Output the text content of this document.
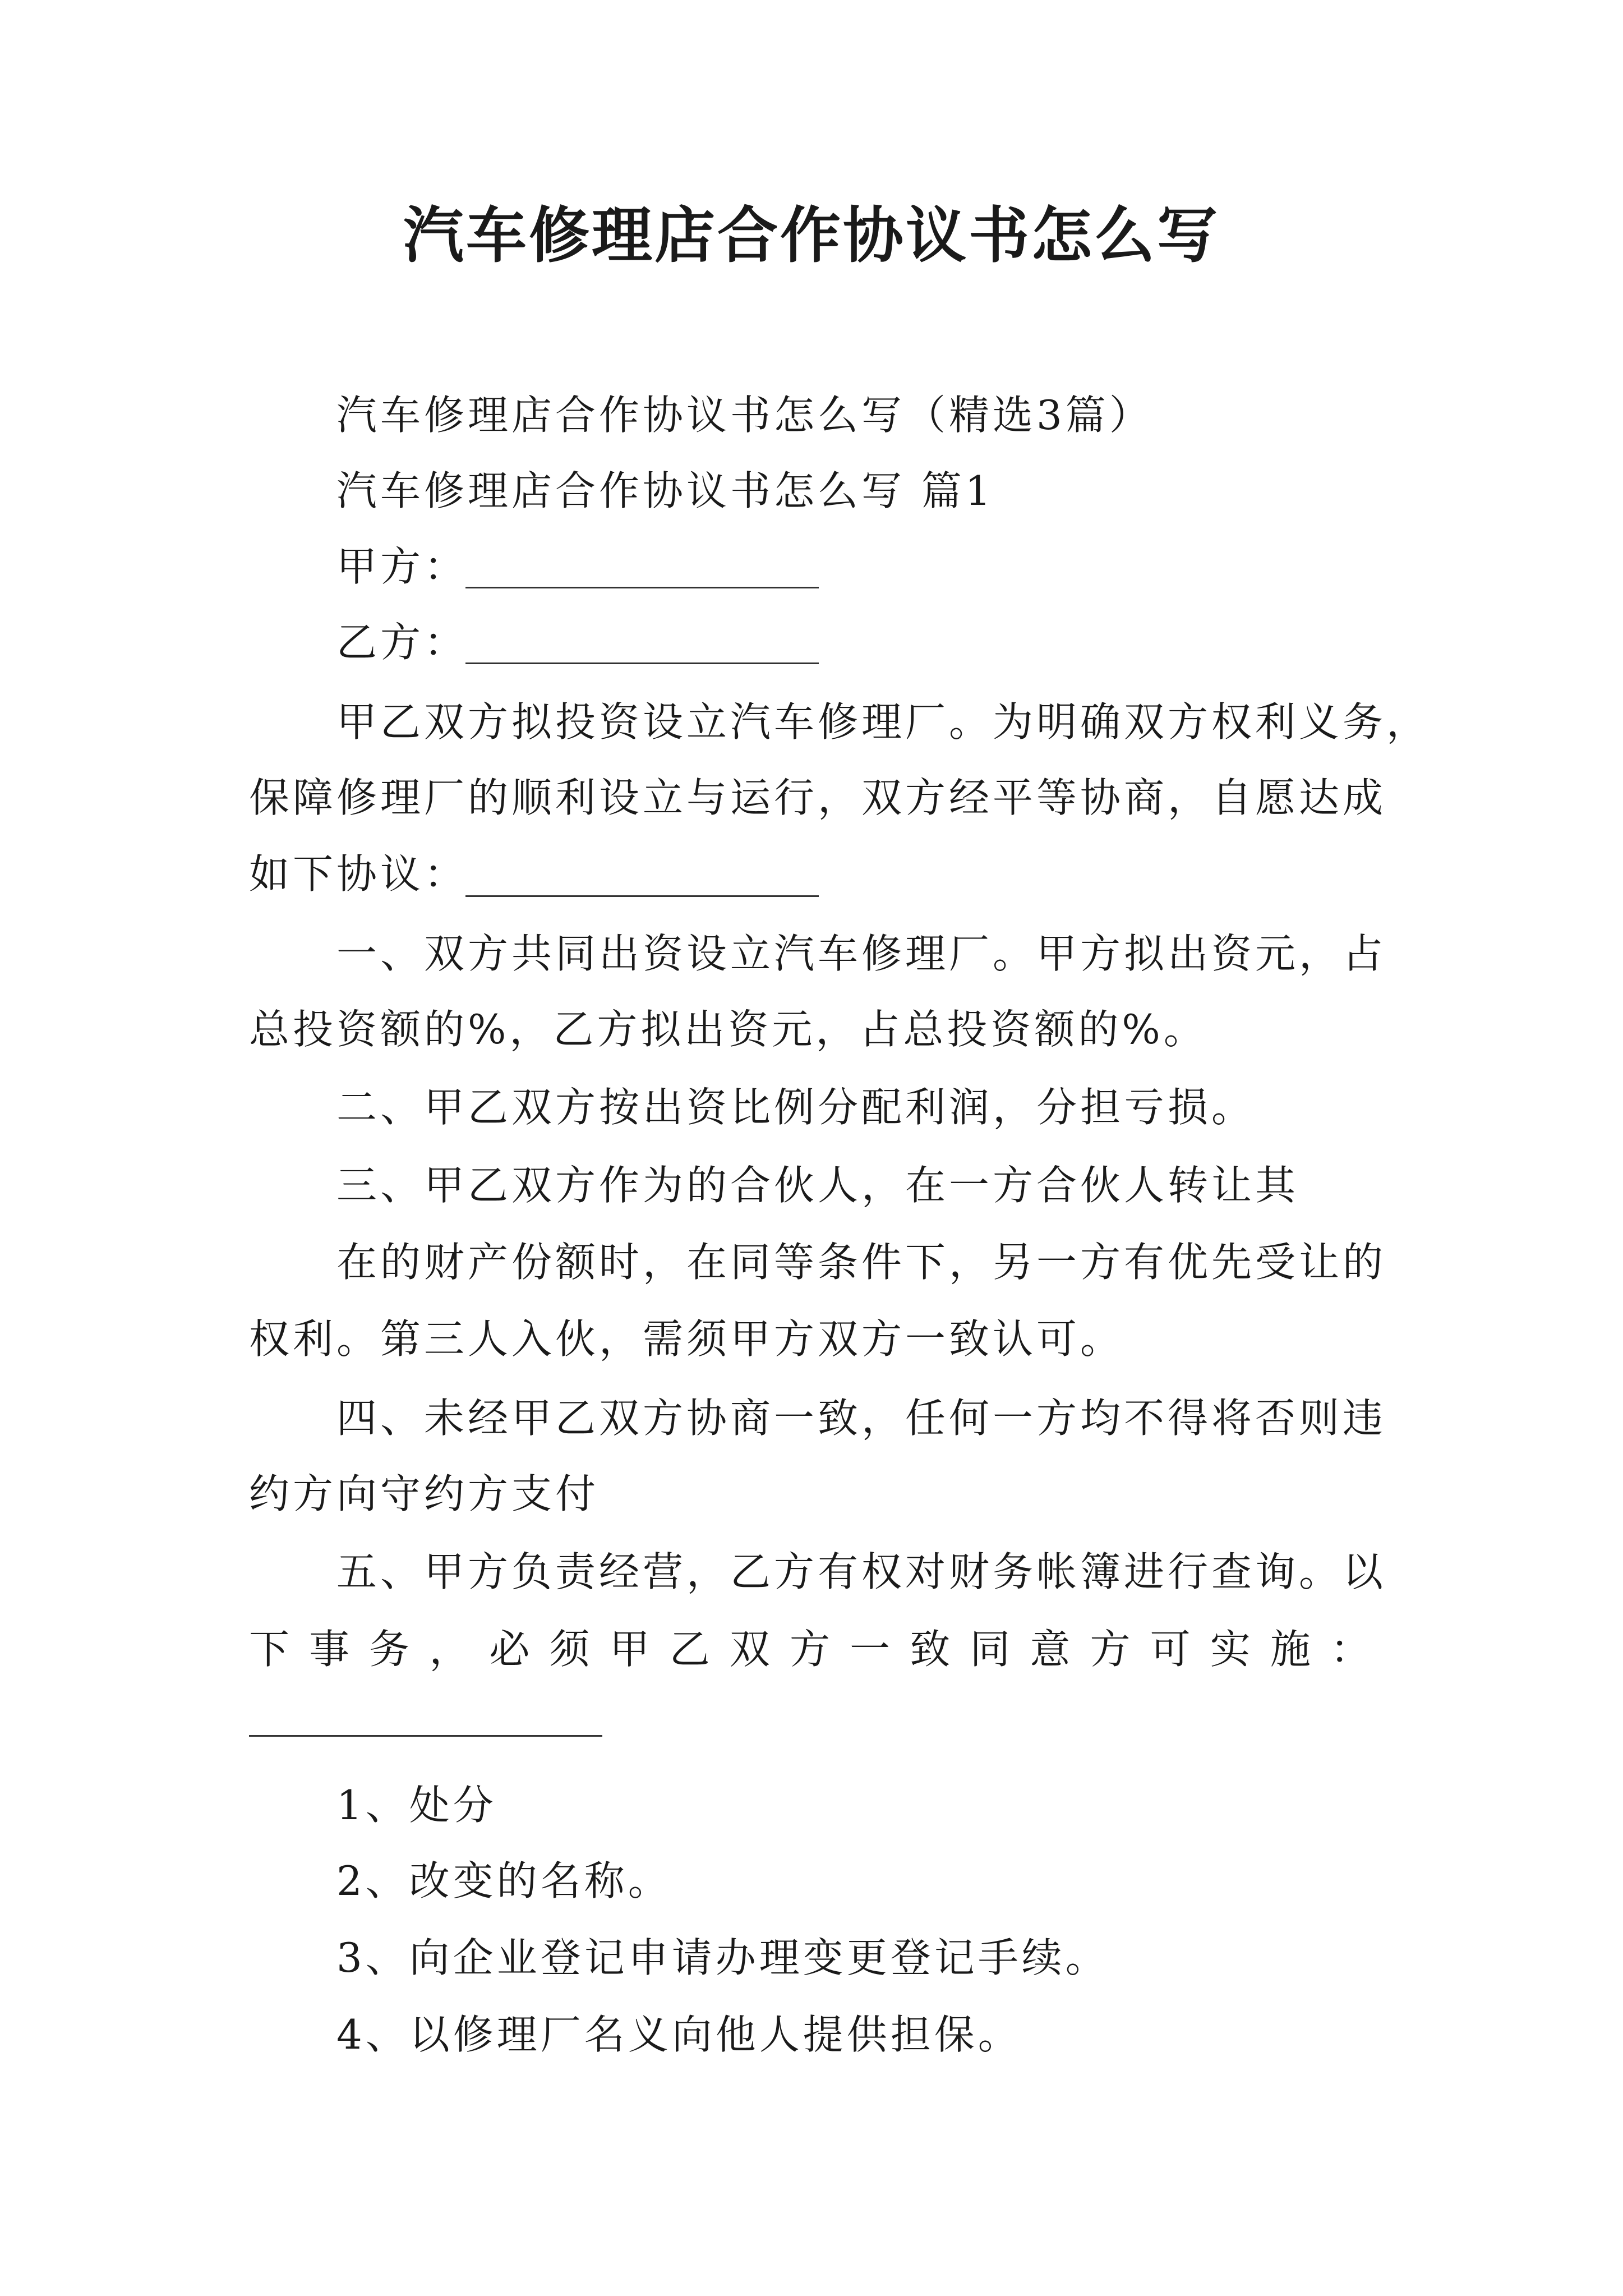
汽车修理店合作协议书怎么写
汽车修理店合作协议书怎么写（精选3篇）
汽车修理店合作协议书怎么写 篇1
甲方：
乙方：
甲乙双方拟投资设立汽车修理厂。为明确双方权利义务，
保障修理厂的顺利设立与运行，双方经平等协商，自愿达成
如下协议：
一、双方共同出资设立汽车修理厂。甲方拟出资元，占
总投资额的%，乙方拟出资元，占总投资额的%。
二、甲乙双方按出资比例分配利润，分担亏损。
三、甲乙双方作为的合伙人，在一方合伙人转让其
在的财产份额时，在同等条件下，另一方有优先受让的
权利。第三人入伙，需须甲方双方一致认可。
四、未经甲乙双方协商一致，任何一方均不得将否则违
约方向守约方支付
五、甲方负责经营，乙方有权对财务帐簿进行查询。以
下事务，必须甲乙双方一致同意方可实施：
1、处分
2、改变的名称。
3、向企业登记申请办理变更登记手续。
4、以修理厂名义向他人提供担保。
